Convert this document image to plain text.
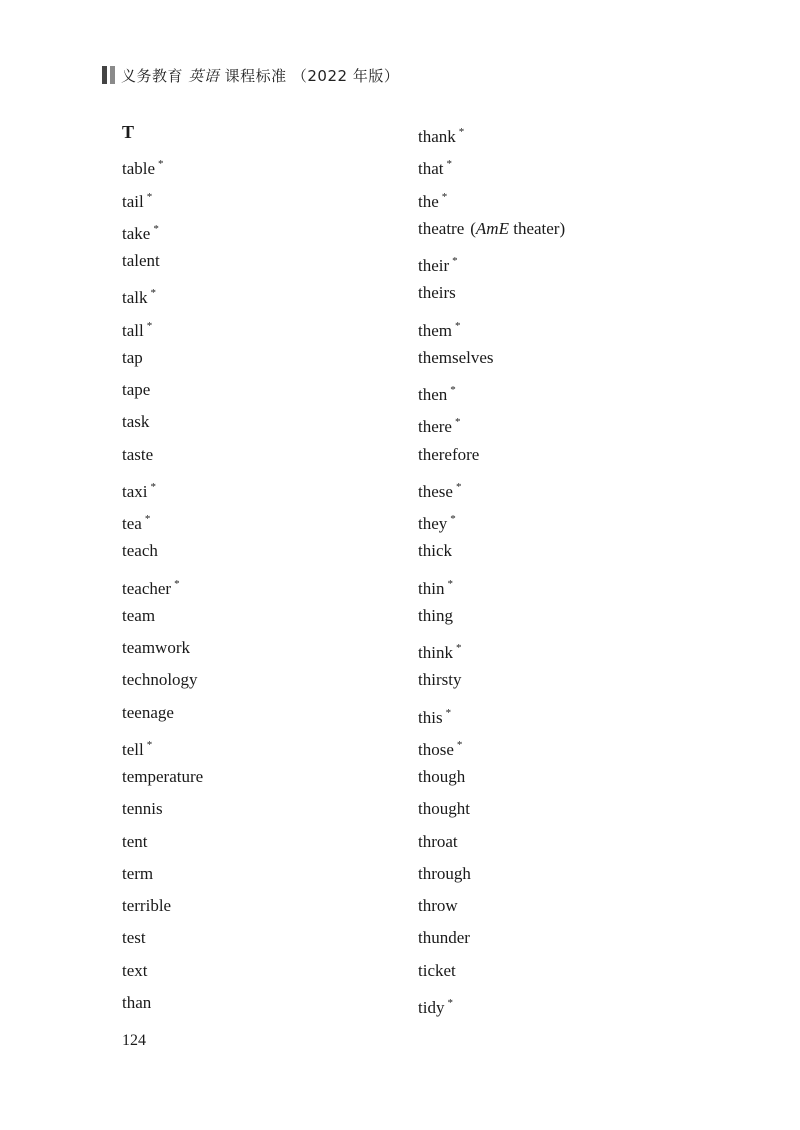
义务教育 英语 课程标准 （2022 年版）
T
table *
tail *
take *
talent
talk *
tall *
tap
tape
task
taste
taxi *
tea *
teach
teacher *
team
teamwork
technology
teenage
tell *
temperature
tennis
tent
term
terrible
test
text
than
thank *
that *
the *
theatre (AmE theater)
their *
theirs
them *
themselves
then *
there *
therefore
these *
they *
thick
thin *
thing
think *
thirsty
this *
those *
though
thought
throat
through
throw
thunder
ticket
tidy *
124
